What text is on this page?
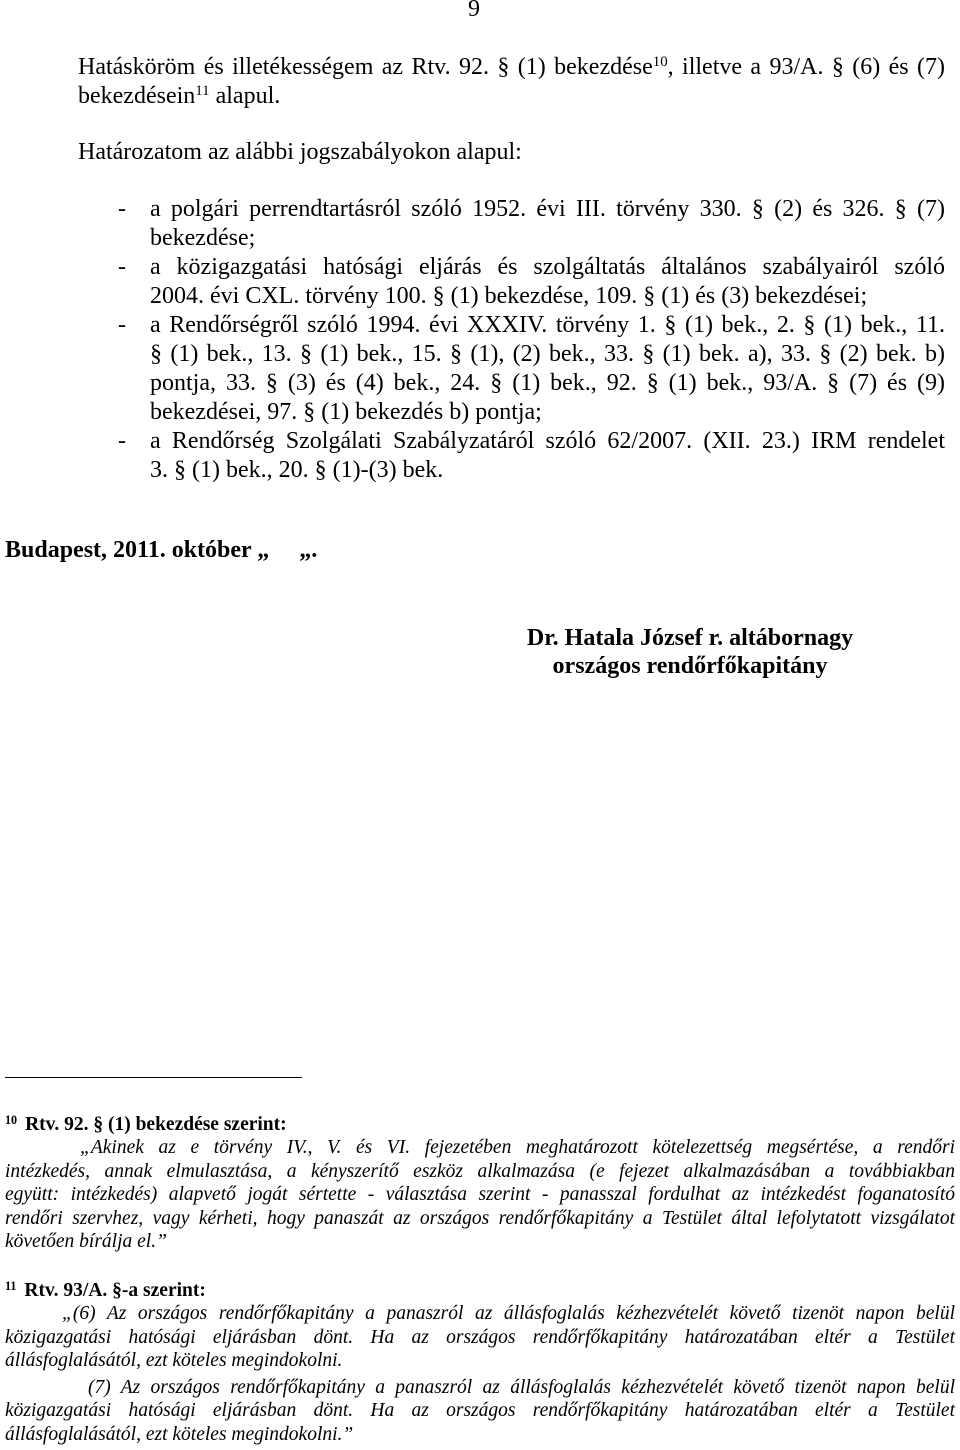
9
Hatásköröm és illetékességem az Rtv. 92. § (1) bekezdése$^{10}$, illetve a 93/A. § (6) és (7)
bekezdésein$^{11}$ alapul.
Határozatom az alábbi jogszabályokon alapul:
- a polgári perrendtartásról szóló 1952. évi III. törvény 330. § (2) és 326. § (7)
bekezdése;
- a közigazgatási hatósági eljárás és szolgáltatás általános szabályairól szóló
2004. évi CXL. törvény 100. § (1) bekezdése, 109. § (1) és (3) bekezdései;
- a Rendőrségről szóló 1994. évi XXXIV. törvény 1. § (1) bek., 2. § (1) bek., 11.
§ (1) bek., 13. § (1) bek., 15. § (1), (2) bek., 33. § (1) bek. a), 33. § (2) bek. b)
pontja, 33. § (3) és (4) bek., 24. § (1) bek., 92. § (1) bek., 93/A. § (7) és (9)
bekezdései, 97. § (1) bekezdés b) pontja;
- a Rendőrség Szolgálati Szabályzatáról szóló 62/2007. (XII. 23.) IRM rendelet
3. § (1) bek., 20. § (1)-(3) bek.
Budapest, 2011. október „     „.
Dr. Hatala József r. altábornagy
országos rendőrfőkapitány
$^{10}$ Rtv. 92. § (1) bekezdése szerint:
„Akinek az e törvény IV., V. és VI. fejezetében meghatározott kötelezettség megsértése, a rendőri
intézkedés, annak elmulasztása, a kényszerítő eszköz alkalmazása (e fejezet alkalmazásában a továbbiakban
együtt: intézkedés) alapvető jogát sértette - választása szerint - panasszal fordulhat az intézkedést foganatosító
rendőri szervhez, vagy kérheti, hogy panaszát az országos rendőrfőkapitány a Testület által lefolytatott vizsgálatot
követően bírálja el.”
$^{11}$ Rtv. 93/A. §-a szerint:
„(6) Az országos rendőrfőkapitány a panaszról az állásfoglalás kézhezvételét követő tizenöt napon belül
közigazgatási hatósági eljárásban dönt. Ha az országos rendőrfőkapitány határozatában eltér a Testület
állásfoglalásától, ezt köteles megindokolni.
(7) Az országos rendőrfőkapitány a panaszról az állásfoglalás kézhezvételét követő tizenöt napon belül
közigazgatási hatósági eljárásban dönt. Ha az országos rendőrfőkapitány határozatában eltér a Testület
állásfoglalásától, ezt köteles megindokolni.”
